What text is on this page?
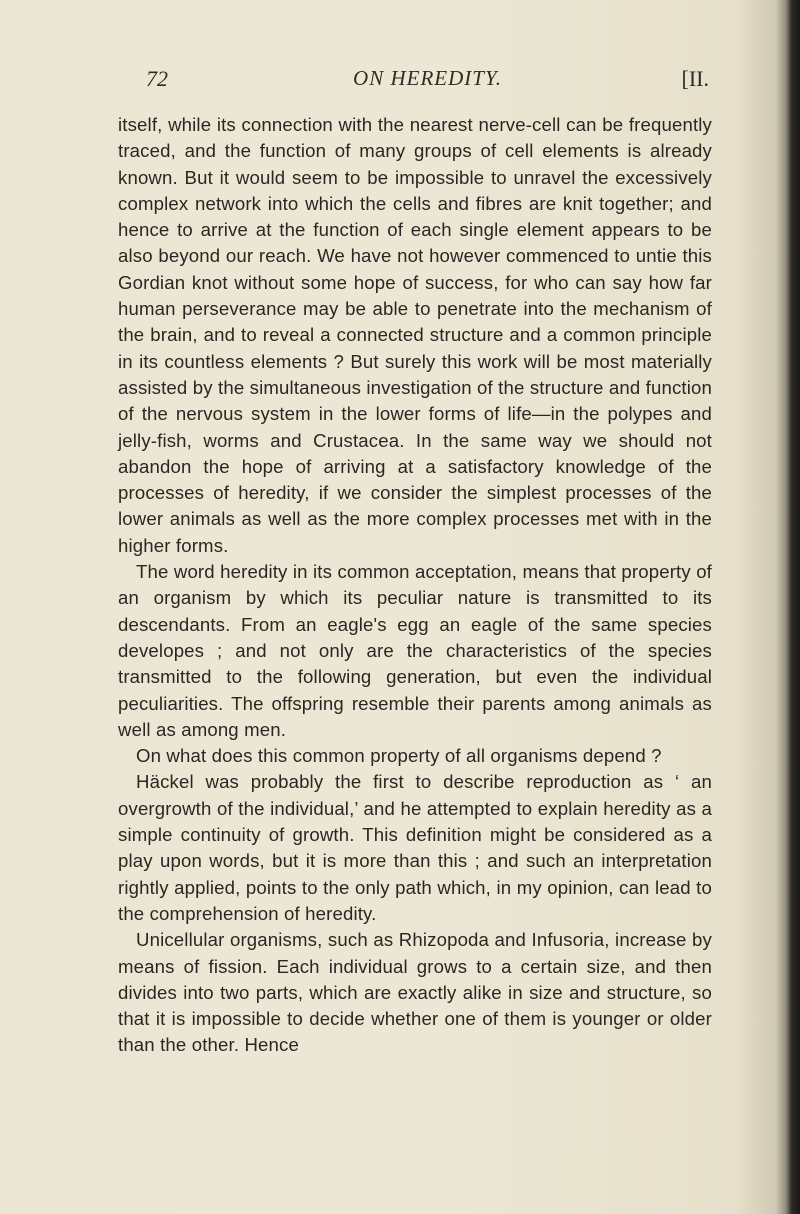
72	ON HEREDITY.	[II.

itself, while its connection with the nearest nerve-cell can be frequently traced, and the function of many groups of cell elements is already known. But it would seem to be impossible to unravel the excessively complex network into which the cells and fibres are knit together; and hence to arrive at the function of each single element appears to be also beyond our reach. We have not however commenced to untie this Gordian knot without some hope of success, for who can say how far human perseverance may be able to penetrate into the mechanism of the brain, and to reveal a connected structure and a common principle in its countless elements ? But surely this work will be most materially assisted by the simultaneous investigation of the structure and function of the nervous system in the lower forms of life—in the polypes and jelly-fish, worms and Crustacea. In the same way we should not abandon the hope of arriving at a satisfactory knowledge of the processes of heredity, if we consider the simplest processes of the lower animals as well as the more complex processes met with in the higher forms.

The word heredity in its common acceptation, means that property of an organism by which its peculiar nature is transmitted to its descendants. From an eagle's egg an eagle of the same species developes ; and not only are the characteristics of the species transmitted to the following generation, but even the individual peculiarities. The offspring resemble their parents among animals as well as among men.

On what does this common property of all organisms depend ?

Häckel was probably the first to describe reproduction as ‘ an overgrowth of the individual,’ and he attempted to explain heredity as a simple continuity of growth. This definition might be considered as a play upon words, but it is more than this ; and such an interpretation rightly applied, points to the only path which, in my opinion, can lead to the comprehension of heredity.

Unicellular organisms, such as Rhizopoda and Infusoria, increase by means of fission. Each individual grows to a certain size, and then divides into two parts, which are exactly alike in size and structure, so that it is impossible to decide whether one of them is younger or older than the other. Hence
